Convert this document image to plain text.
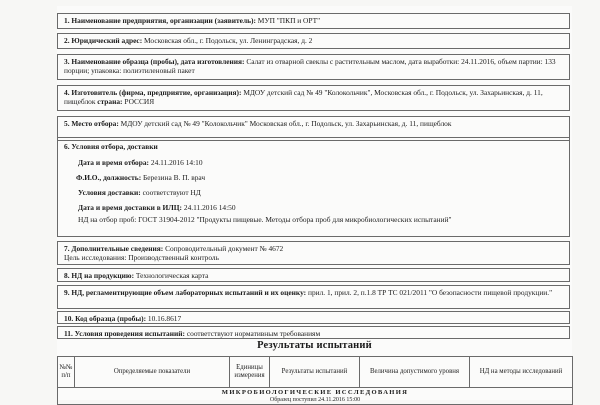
1. Наименование предприятия, организации (заявитель): МУП "ПКП и ОРТ"
2. Юридический адрес: Московская обл., г. Подольск, ул. Ленинградская, д. 2
3. Наименование образца (пробы), дата изготовления: Салат из отварной свеклы с растительным маслом, дата выработки: 24.11.2016, объем партии: 133 порции; упаковка: полиэтиленовый пакет
4. Изготовитель (фирма, предприятие, организация): МДОУ детский сад № 49 "Колокольчик", Московская обл., г. Подольск, ул. Захарьинская, д. 11, пищеблок страна: РОССИЯ
5. Место отбора: МДОУ детский сад № 49 "Колокольчик" Московская обл., г. Подольск, ул. Захарьинская, д. 11, пищеблок
6. Условия отбора, доставки
Дата и время отбора: 24.11.2016 14:10
Ф.И.О., должность: Березина В. П. врач
Условия доставки: соответствуют НД
Дата и время доставки в ИЛЦ: 24.11.2016 14:50
НД на отбор проб: ГОСТ 31904-2012 "Продукты пищевые. Методы отбора проб для микробиологических испытаний"
7. Дополнительные сведения: Сопроводительный документ № 4672
Цель исследования: Производственный контроль
8. НД на продукцию: Технологическая карта
9. НД, регламентирующие объем лабораторных испытаний и их оценку: прил. 1, прил. 2, п.1.8 ТР ТС 021/2011 "О безопасности пищевой продукции."
10. Код образца (пробы): 10.16.8617
11. Условия проведения испытаний: соответствуют нормативным требованиям
Результаты испытаний
№№ п/п	Определяемые показатели	Единицы измерения	Результаты испытаний	Величина допустимого уровня	НД на методы исследований

МИКРОБИОЛОГИЧЕСКИЕ ИССЛЕДОВАНИЯ
Образец поступил 24.11.2016 15:00
